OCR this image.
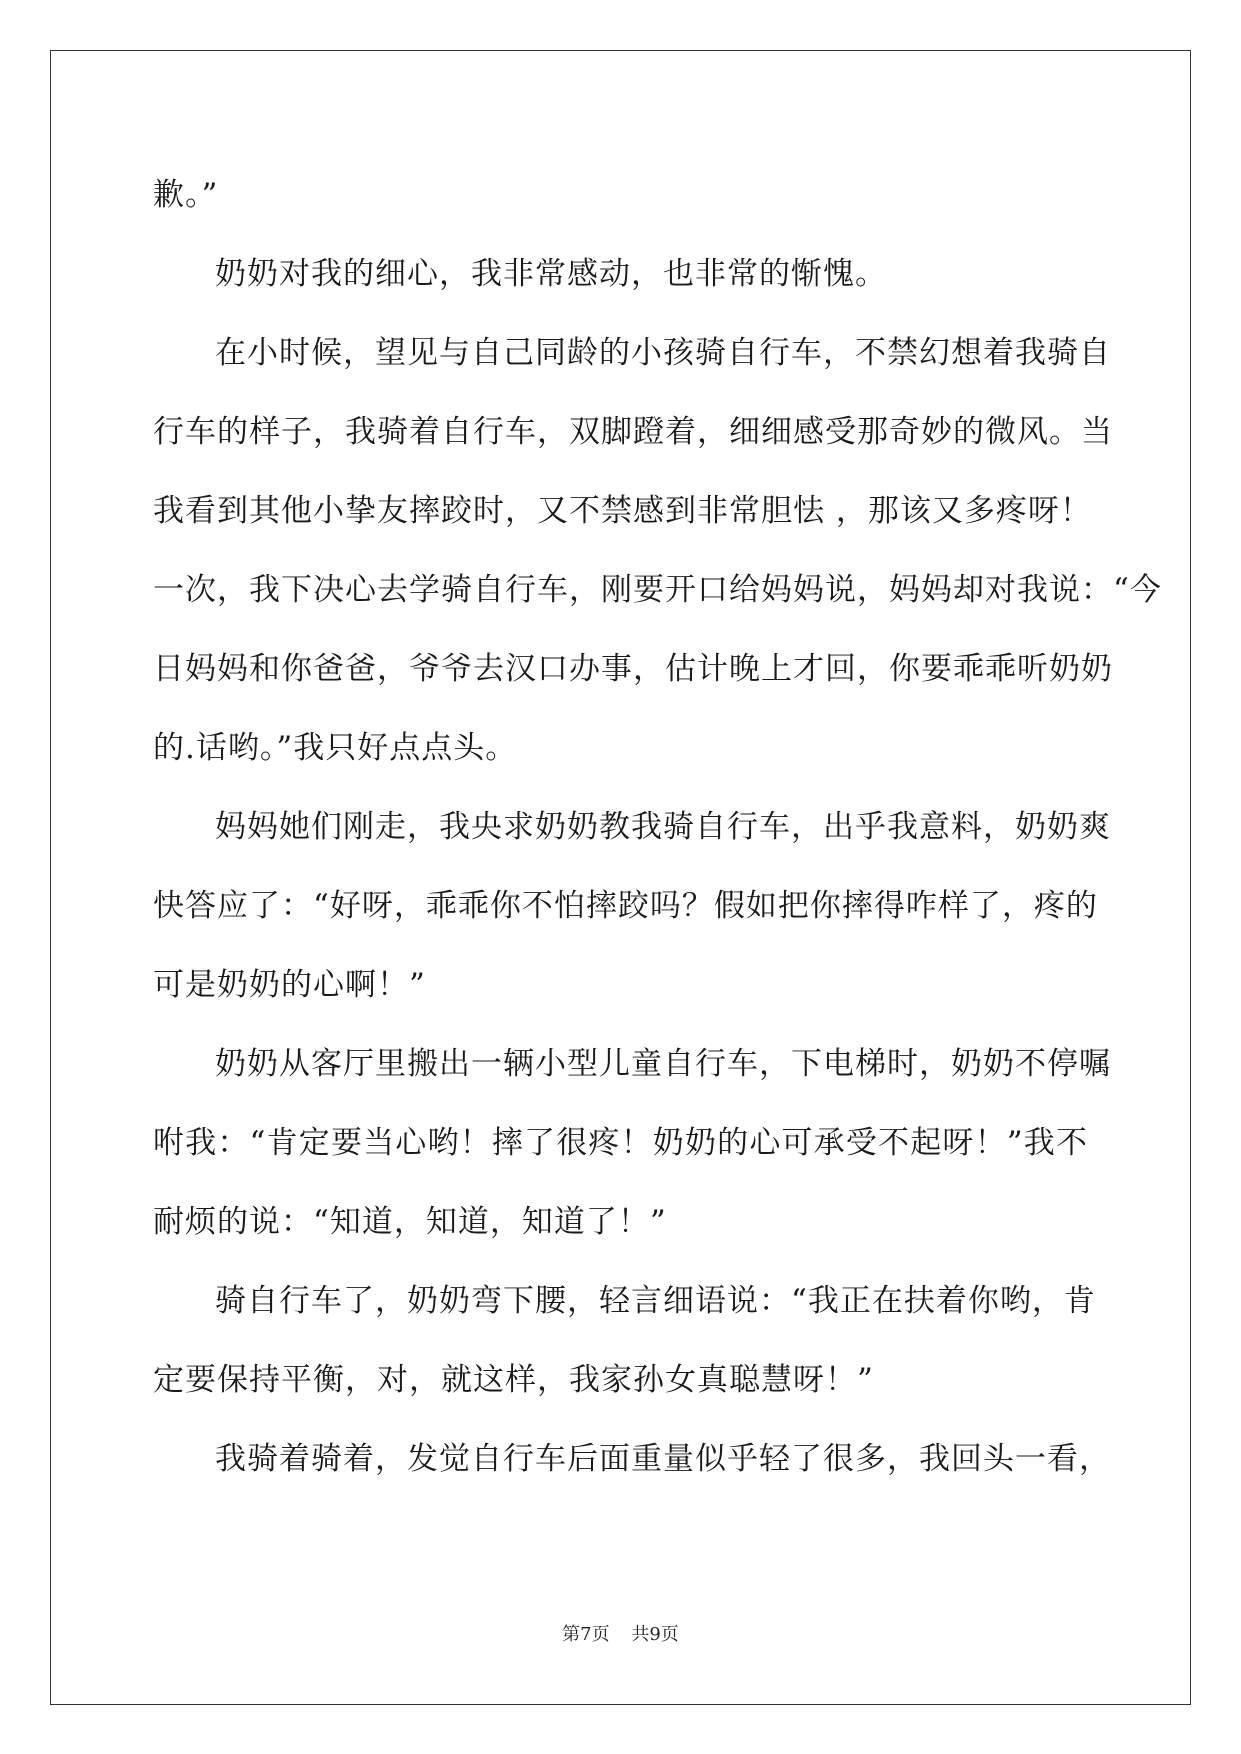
歉。”
奶奶对我的细心，我非常感动，也非常的惭愧。
在小时候，望见与自己同龄的小孩骑自行车，不禁幻想着我骑自
行车的样子，我骑着自行车，双脚蹬着，细细感受那奇妙的微风。当
我看到其他小挚友摔跤时，又不禁感到非常胆怯 ，那该又多疼呀！
一次，我下决心去学骑自行车，刚要开口给妈妈说，妈妈却对我说：“今
日妈妈和你爸爸，爷爷去汉口办事，估计晚上才回，你要乖乖听奶奶
的.话哟。”我只好点点头。
妈妈她们刚走，我央求奶奶教我骑自行车，出乎我意料，奶奶爽
快答应了：“好呀，乖乖你不怕摔跤吗？假如把你摔得咋样了，疼的
可是奶奶的心啊！”
奶奶从客厅里搬出一辆小型儿童自行车，下电梯时，奶奶不停嘱
咐我：“肯定要当心哟！摔了很疼！奶奶的心可承受不起呀！”我不
耐烦的说：“知道，知道，知道了！”
骑自行车了，奶奶弯下腰，轻言细语说：“我正在扶着你哟，肯
定要保持平衡，对，就这样，我家孙女真聪慧呀！”
我骑着骑着，发觉自行车后面重量似乎轻了很多，我回头一看，
第7页 共9页
